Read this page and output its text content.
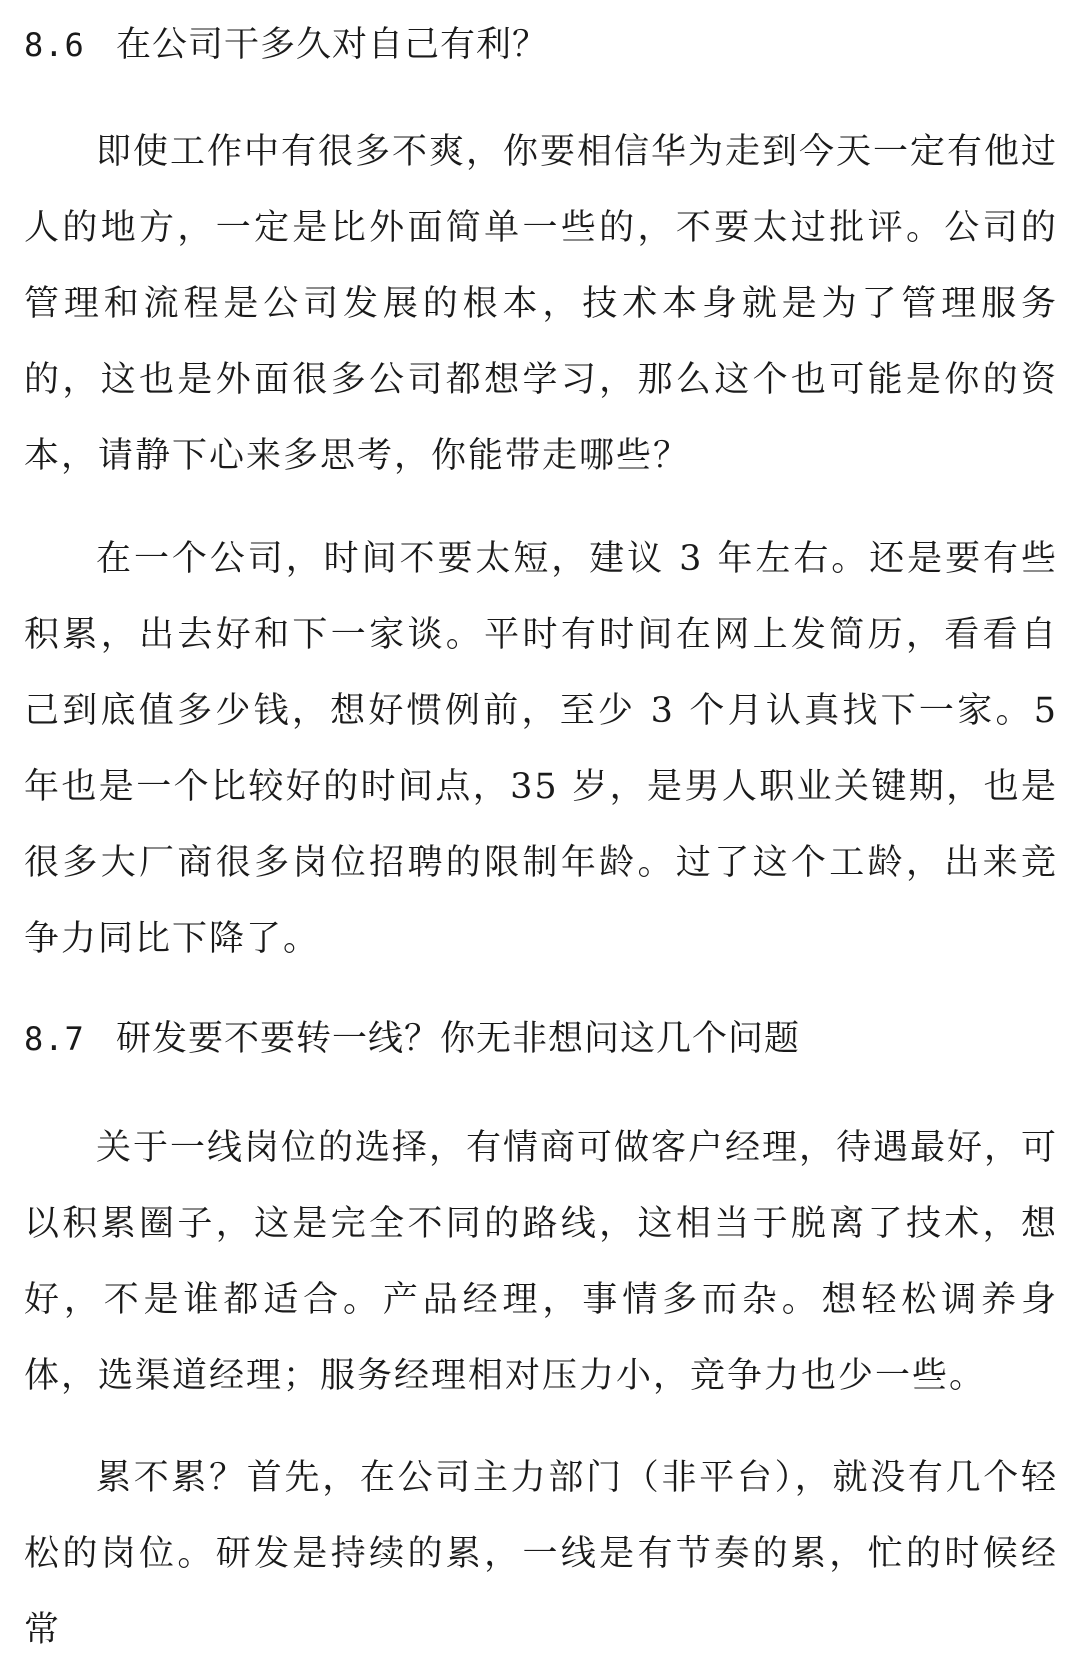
8.6 在公司干多久对自己有利？

即使工作中有很多不爽，你要相信华为走到今天一定有他过人的地方，一定是比外面简单一些的，不要太过批评。公司的管理和流程是公司发展的根本，技术本身就是为了管理服务的，这也是外面很多公司都想学习，那么这个也可能是你的资本，请静下心来多思考，你能带走哪些？

在一个公司，时间不要太短，建议 3 年左右。还是要有些积累，出去好和下一家谈。平时有时间在网上发简历，看看自己到底值多少钱，想好惯例前，至少 3 个月认真找下一家。5 年也是一个比较好的时间点，35 岁，是男人职业关键期，也是很多大厂商很多岗位招聘的限制年龄。过了这个工龄，出来竞争力同比下降了。

8.7 研发要不要转一线？你无非想问这几个问题

关于一线岗位的选择，有情商可做客户经理，待遇最好，可以积累圈子，这是完全不同的路线，这相当于脱离了技术，想好，不是谁都适合。产品经理，事情多而杂。想轻松调养身体，选渠道经理；服务经理相对压力小，竞争力也少一些。

累不累？首先，在公司主力部门（非平台），就没有几个轻松的岗位。研发是持续的累，一线是有节奏的累，忙的时候经常
